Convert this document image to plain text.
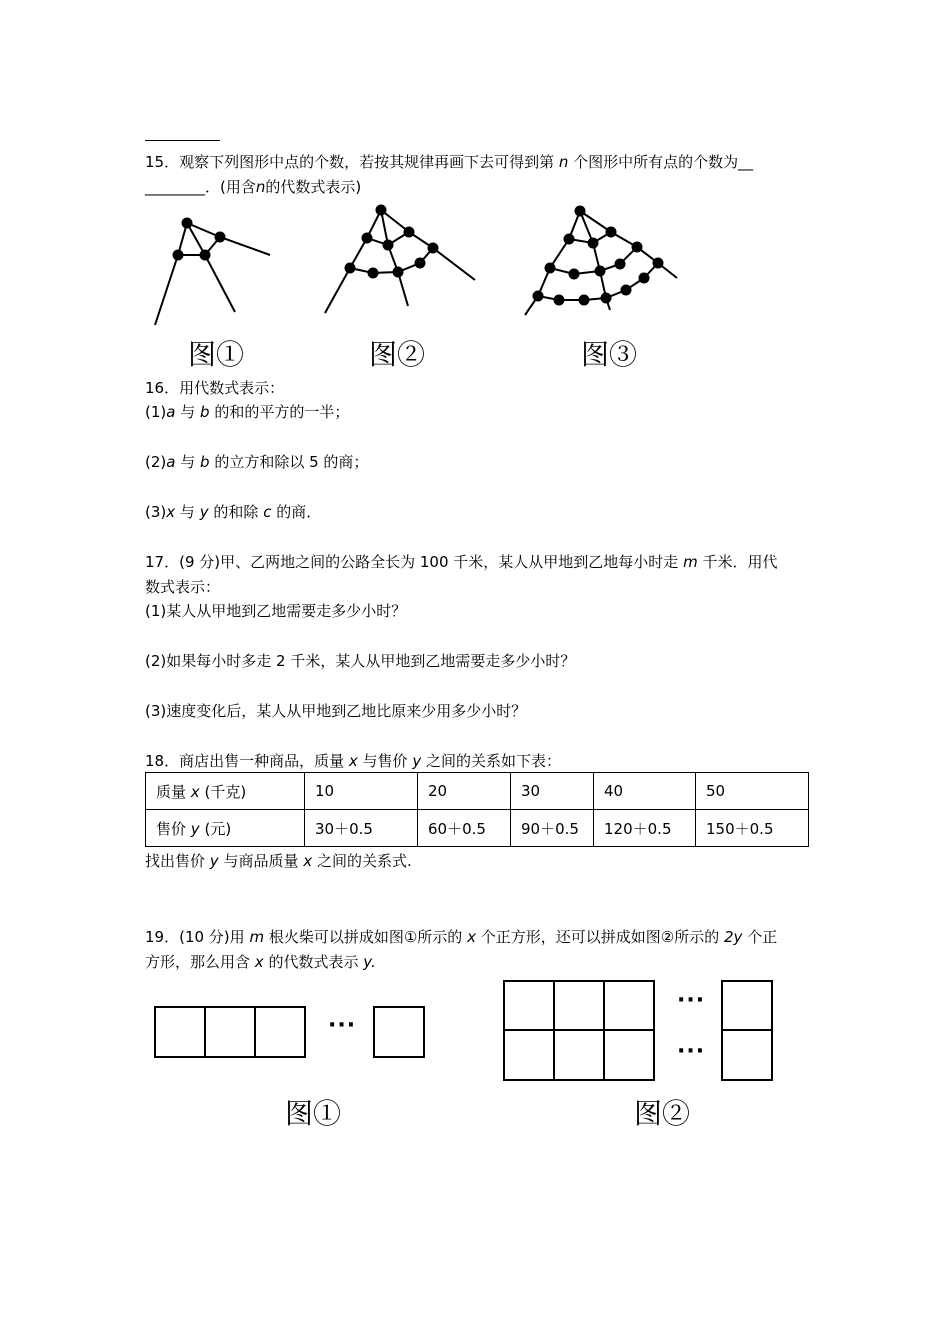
15．观察下列图形中点的个数，若按其规律再画下去可得到第 n 个图形中所有点的个数为__
________．(用含n的代数式表示)
图①	图②	图③
16．用代数式表示：
(1)a 与 b 的和的平方的一半；
(2)a 与 b 的立方和除以 5 的商；
(3)x 与 y 的和除 c 的商．
17．(9 分)甲、乙两地之间的公路全长为 100 千米，某人从甲地到乙地每小时走 m 千米．用代
数式表示：
(1)某人从甲地到乙地需要走多少小时？
(2)如果每小时多走 2 千米，某人从甲地到乙地需要走多少小时？
(3)速度变化后，某人从甲地到乙地比原来少用多少小时？
18．商店出售一种商品，质量 x 与售价 y 之间的关系如下表：
质量 x (千克)	10	20	30	40	50
售价 y (元)	30＋0.5	60＋0.5	90＋0.5	120＋0.5	150＋0.5
找出售价 y 与商品质量 x 之间的关系式.
19．(10 分)用 m 根火柴可以拼成如图①所示的 x 个正方形，还可以拼成如图②所示的 2y 个正
方形，那么用含 x 的代数式表示 y.
···
···
···
图①	图②
